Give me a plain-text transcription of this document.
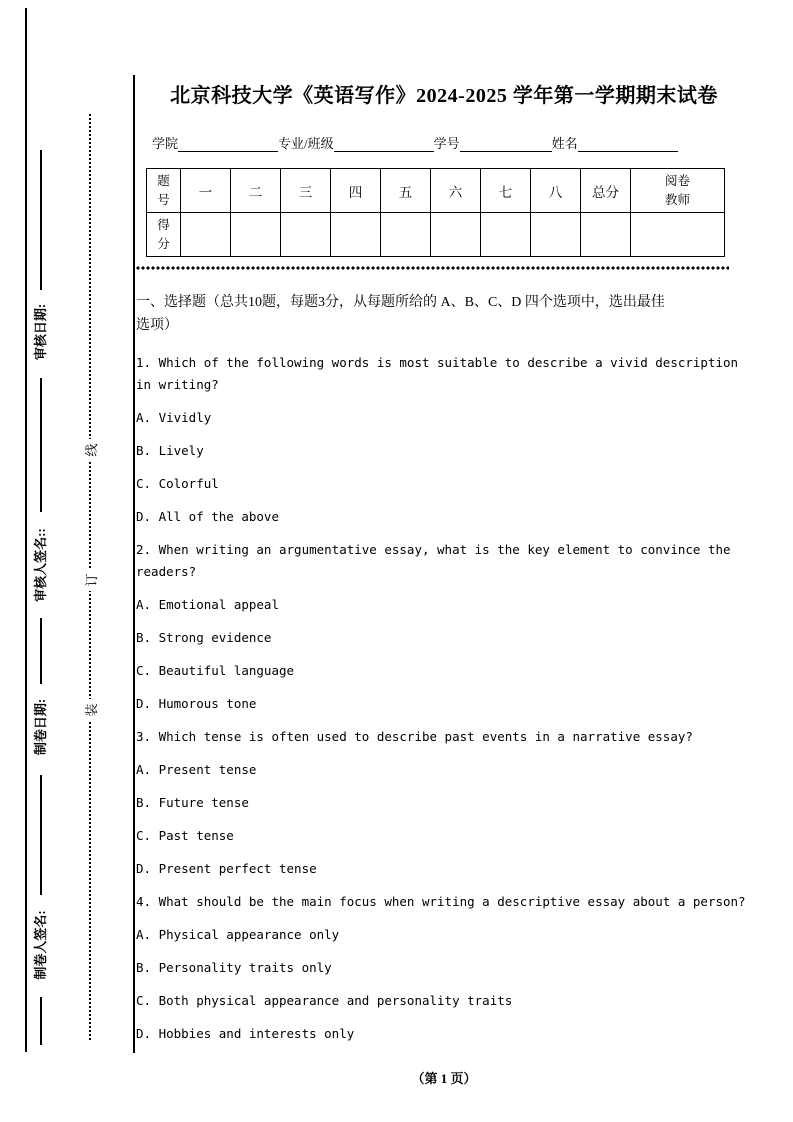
审核日期:
审核人签名::
制卷日期:
制卷人签名:
线
订
装
北京科技大学《英语写作》2024-2025 学年第一学期期末试卷
学院	专业/班级	学号	姓名
题号	一	二	三	四	五	六	七	八	总分	阅卷教师
得分										

一、选择题（总共10题，每题3分，从每题所给的 A、B、C、D 四个选项中，选出最佳选项）

1. Which of the following words is most suitable to describe a vivid description in writing?

A. Vividly

B. Lively

C. Colorful

D. All of the above

2. When writing an argumentative essay, what is the key element to convince the readers?

A. Emotional appeal

B. Strong evidence

C. Beautiful language

D. Humorous tone

3. Which tense is often used to describe past events in a narrative essay?

A. Present tense

B. Future tense

C. Past tense

D. Present perfect tense

4. What should be the main focus when writing a descriptive essay about a person?

A. Physical appearance only

B. Personality traits only

C. Both physical appearance and personality traits

D. Hobbies and interests only

（第 1 页）
